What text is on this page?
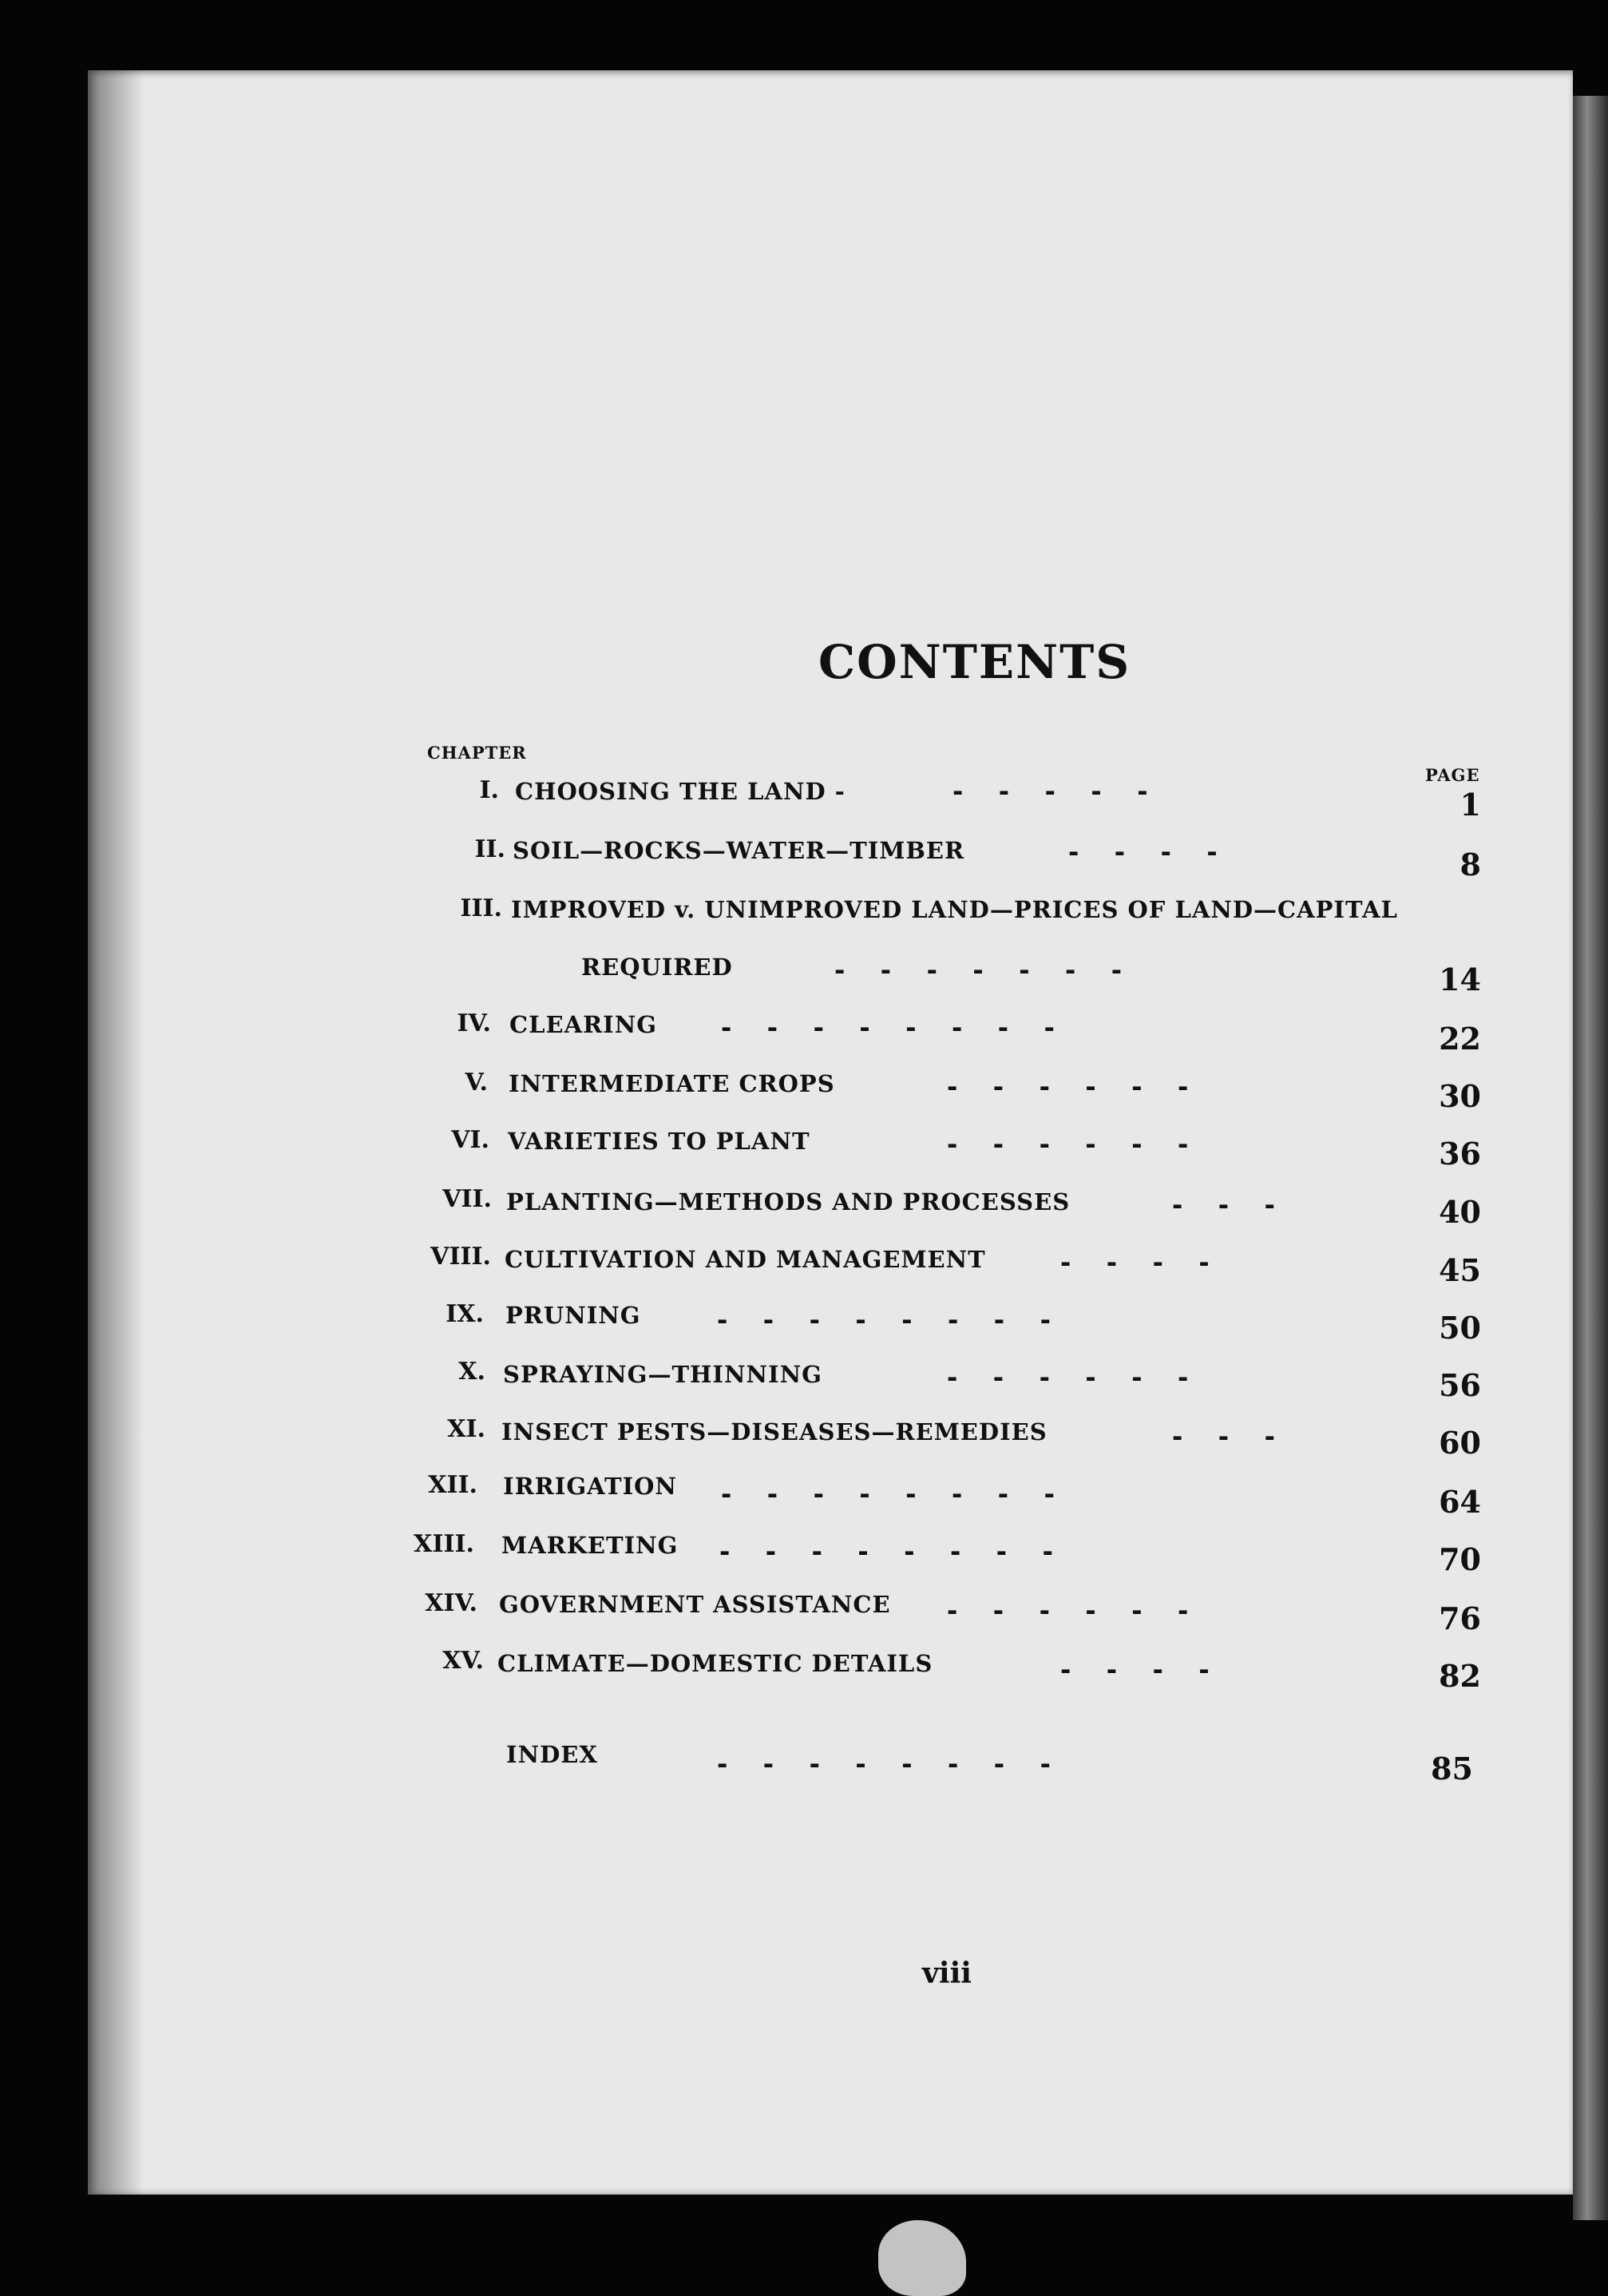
CONTENTS
CHAPTER
PAGE
I. CHOOSING THE LAND -	-  -  -  -  -	1
II. SOIL—ROCKS—WATER—TIMBER	-  -  -  -	8
III. IMPROVED v. UNIMPROVED LAND—PRICES OF LAND—CAPITAL
REQUIRED	-  -  -  -  -  -  -	14
IV. CLEARING -  -  -  -  -  -  -  -	22
V. INTERMEDIATE CROPS	-  -  -  -  -  -	30
VI. VARIETIES TO PLANT	-  -  -  -  -  -	36
VII. PLANTING—METHODS AND PROCESSES	-  -  -	40
VIII. CULTIVATION AND MANAGEMENT	-  -  -  -	45
IX. PRUNING	-  -  -  -  -  -  -  -	50
X. SPRAYING—THINNING	-  -  -  -  -  -	56
XI. INSECT PESTS—DISEASES—REMEDIES	-  -  -	60
XII. IRRIGATION -  -  -  -  -  -  -  -	64
XIII. MARKETING -  -  -  -  -  -  -  -	70
XIV. GOVERNMENT ASSISTANCE -  -  -  -  -  -	76
XV. CLIMATE—DOMESTIC DETAILS	-  -  -  -	82
INDEX	-  -  -  -  -  -  -  -	85
viii
